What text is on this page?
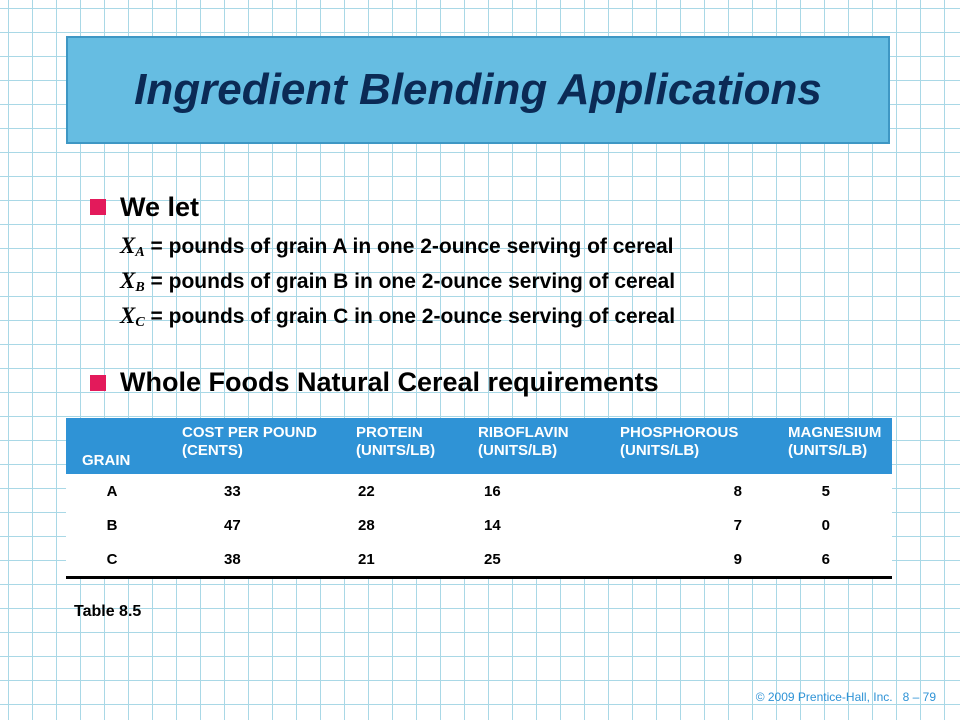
Ingredient Blending Applications
We let
$X_A$ = pounds of grain A in one 2-ounce serving of cereal
$X_B$ = pounds of grain B in one 2-ounce serving of cereal
$X_C$ = pounds of grain C in one 2-ounce serving of cereal
Whole Foods Natural Cereal requirements
GRAIN	COST PER POUND (CENTS)	PROTEIN (UNITS/LB)	RIBOFLAVIN (UNITS/LB)	PHOSPHOROUS (UNITS/LB)	MAGNESIUM (UNITS/LB)
A	33	22	16	8	5
B	47	28	14	7	0
C	38	21	25	9	6
Table 8.5
© 2009 Prentice-Hall, Inc. 8 – 79
